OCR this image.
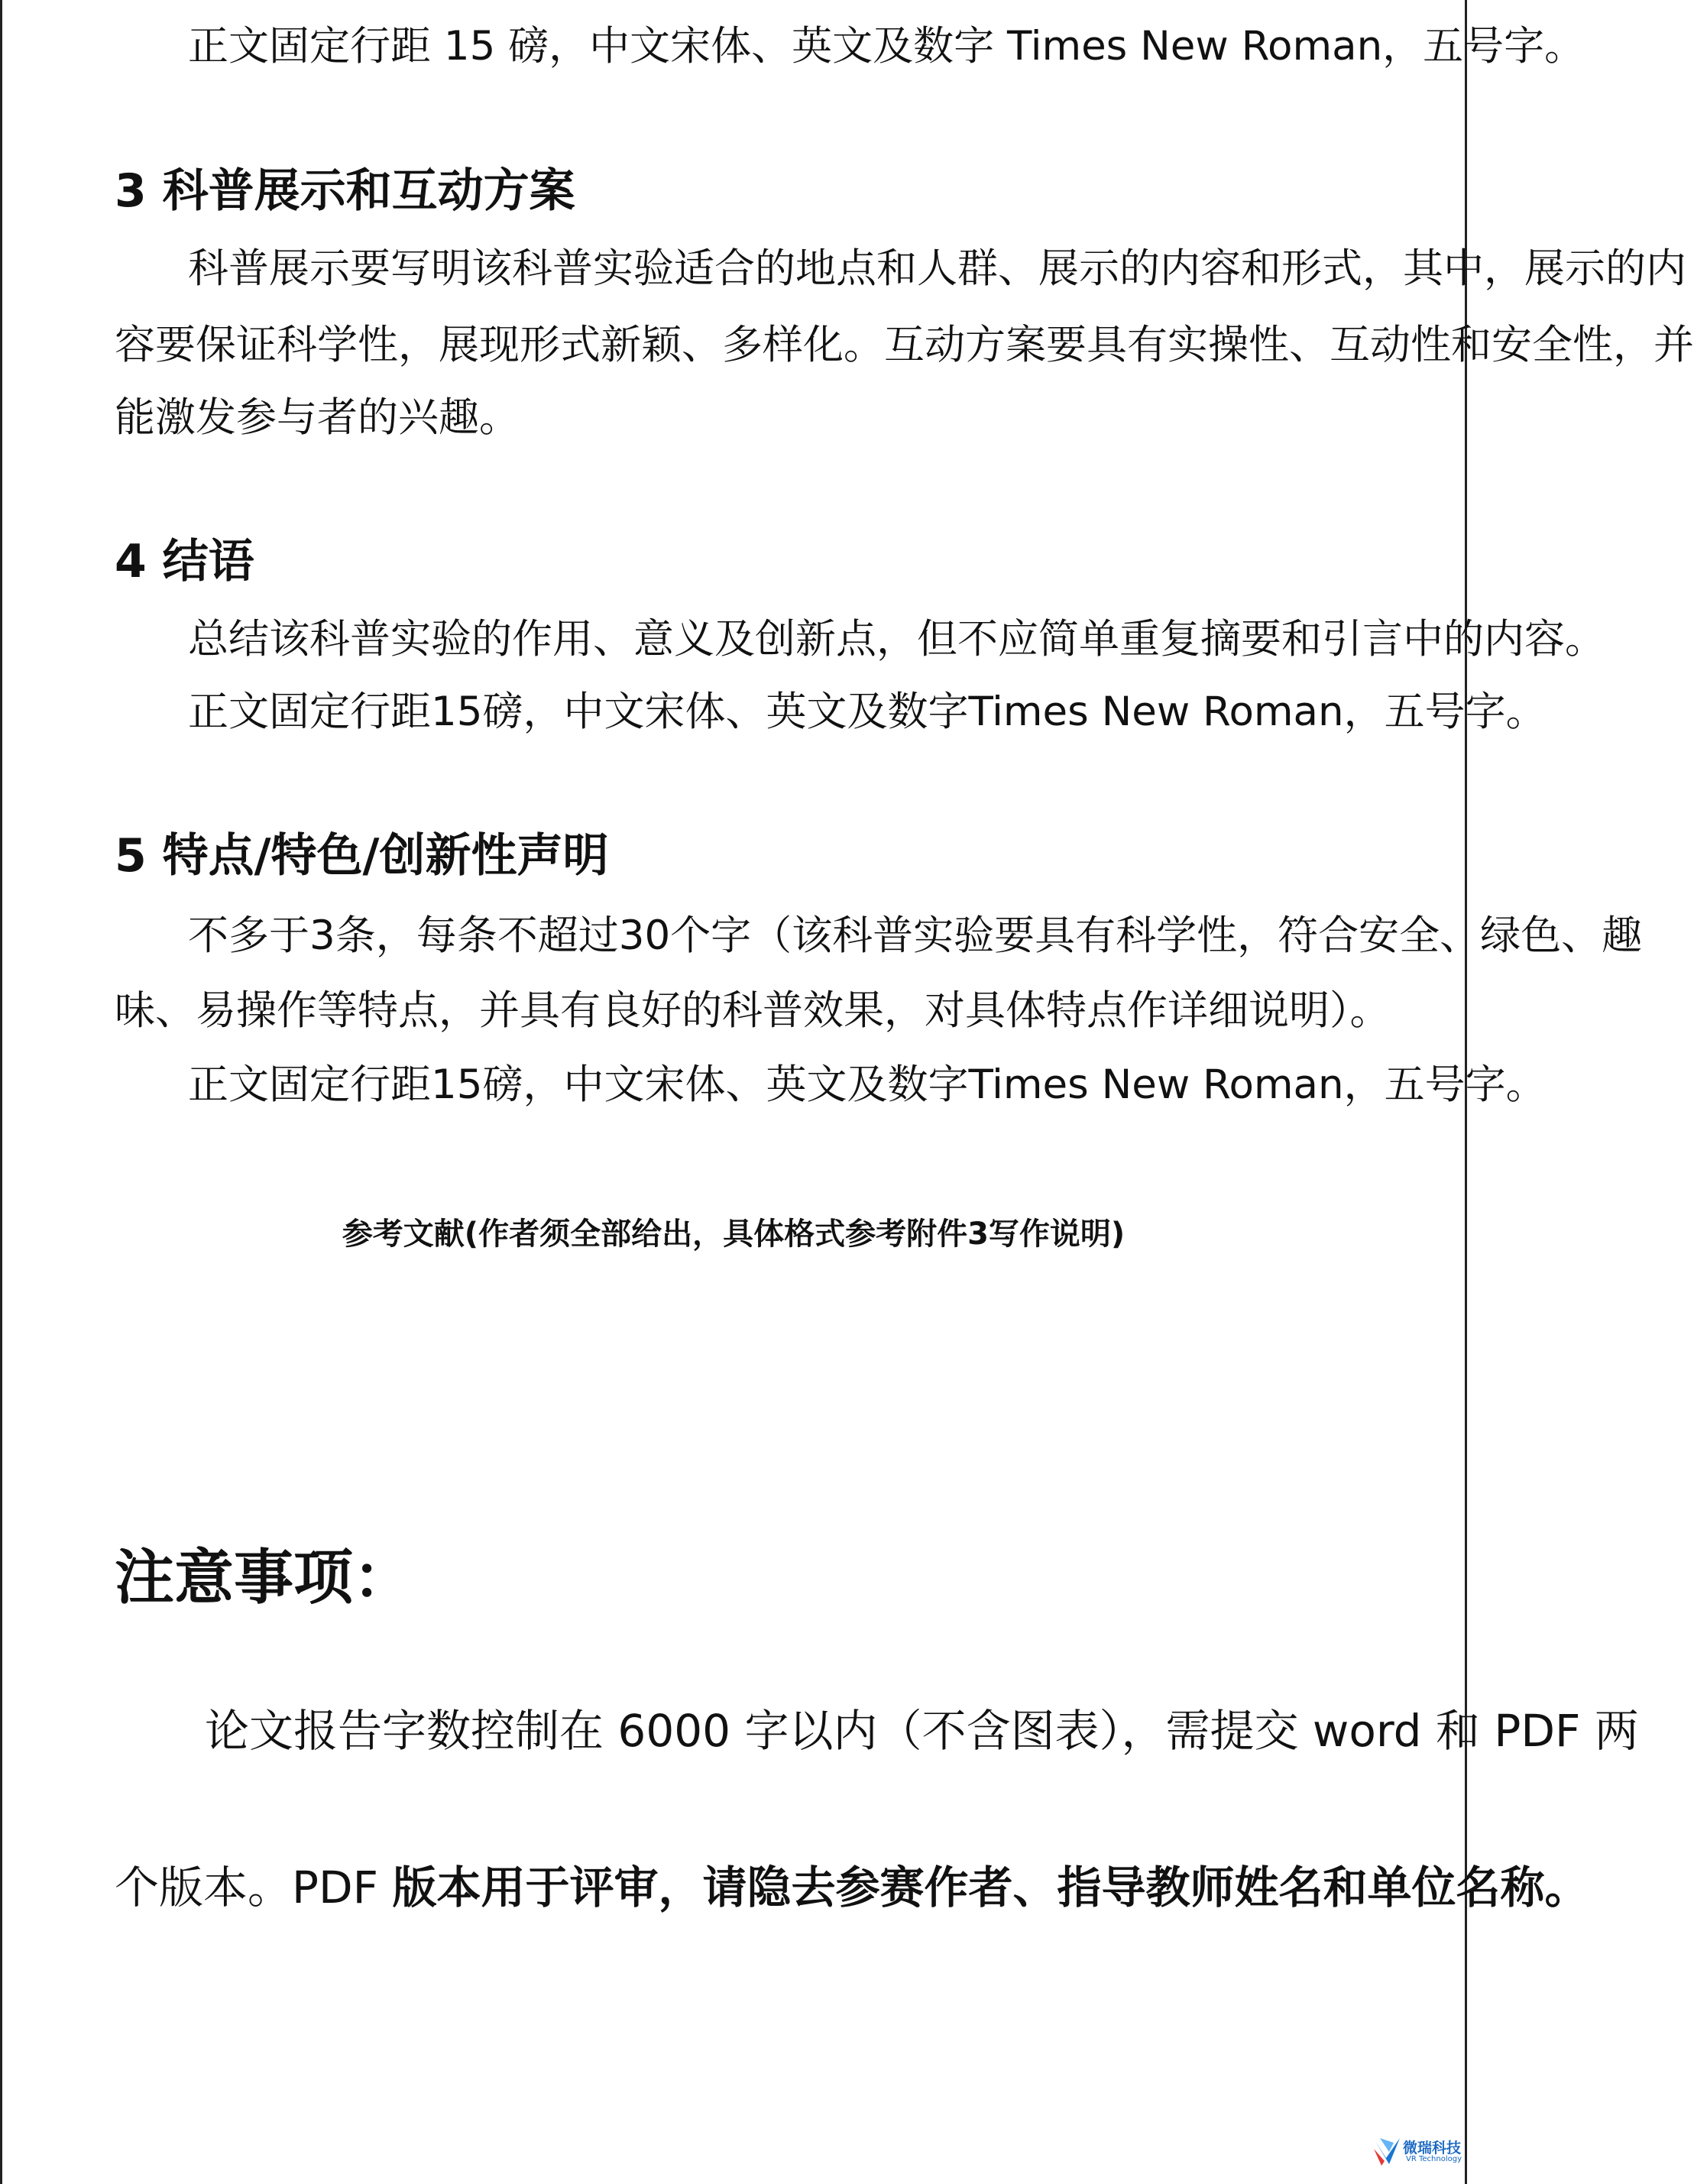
正文固定行距 15 磅，中文宋体、英文及数字 Times New Roman，五号字。
3 科普展示和互动方案
科普展示要写明该科普实验适合的地点和人群、展示的内容和形式，其中，展示的内
容要保证科学性，展现形式新颖、多样化。互动方案要具有实操性、互动性和安全性，并
能激发参与者的兴趣。
4 结语
总结该科普实验的作用、意义及创新点，但不应简单重复摘要和引言中的内容。
正文固定行距15磅，中文宋体、英文及数字Times New Roman，五号字。
5 特点/特色/创新性声明
不多于3条，每条不超过30个字（该科普实验要具有科学性，符合安全、绿色、趣
味、易操作等特点，并具有良好的科普效果，对具体特点作详细说明）。
正文固定行距15磅，中文宋体、英文及数字Times New Roman，五号字。
参考文献(作者须全部给出，具体格式参考附件3写作说明)
注意事项：
论文报告字数控制在 6000 字以内（不含图表），需提交 word 和 PDF 两
个版本。PDF 版本用于评审，请隐去参赛作者、指导教师姓名和单位名称。
微瑞科技
VR Technology
